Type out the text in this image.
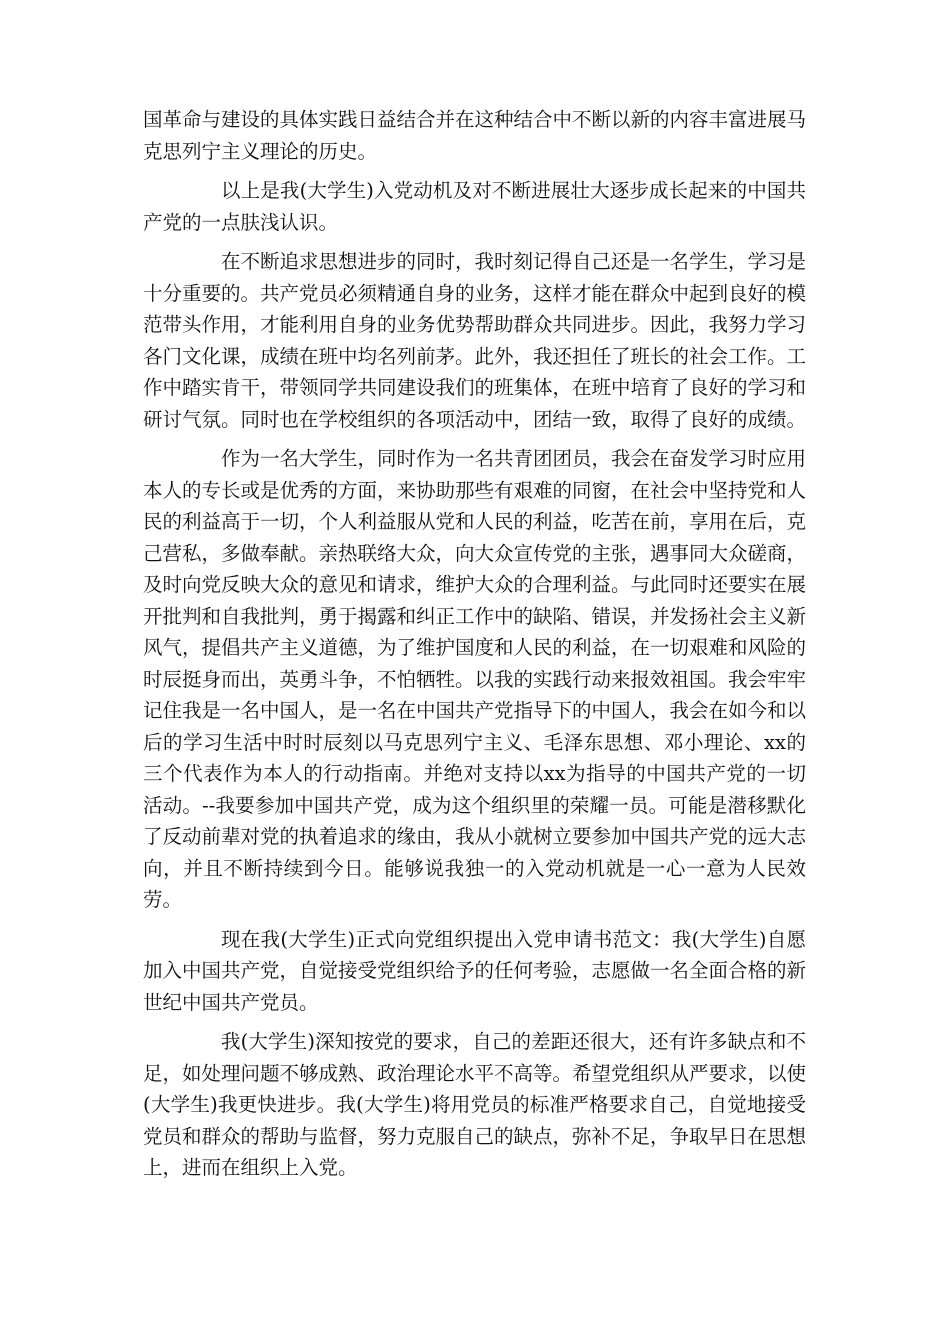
国革命与建设的具体实践日益结合并在这种结合中不断以新的内容丰富进展马克思列宁主义理论的历史。

以上是我(大学生)入党动机及对不断进展壮大逐步成长起来的中国共产党的一点肤浅认识。

在不断追求思想进步的同时，我时刻记得自己还是一名学生，学习是十分重要的。共产党员必须精通自身的业务，这样才能在群众中起到良好的模范带头作用，才能利用自身的业务优势帮助群众共同进步。因此，我努力学习各门文化课，成绩在班中均名列前茅。此外，我还担任了班长的社会工作。工作中踏实肯干，带领同学共同建设我们的班集体，在班中培育了良好的学习和研讨气氛。同时也在学校组织的各项活动中，团结一致，取得了良好的成绩。

作为一名大学生，同时作为一名共青团团员，我会在奋发学习时应用本人的专长或是优秀的方面，来协助那些有艰难的同窗，在社会中坚持党和人民的利益高于一切，个人利益服从党和人民的利益，吃苦在前，享用在后，克己营私，多做奉献。亲热联络大众，向大众宣传党的主张，遇事同大众磋商，及时向党反映大众的意见和请求，维护大众的合理利益。与此同时还要实在展开批判和自我批判，勇于揭露和纠正工作中的缺陷、错误，并发扬社会主义新风气，提倡共产主义道德，为了维护国度和人民的利益，在一切艰难和风险的时辰挺身而出，英勇斗争，不怕牺牲。以我的实践行动来报效祖国。我会牢牢记住我是一名中国人，是一名在中国共产党指导下的中国人，我会在如今和以后的学习生活中时时辰刻以马克思列宁主义、毛泽东思想、邓小理论、xx的三个代表作为本人的行动指南。并绝对支持以xx为指导的中国共产党的一切活动。--我要参加中国共产党，成为这个组织里的荣耀一员。可能是潜移默化了反动前辈对党的执着追求的缘由，我从小就树立要参加中国共产党的远大志向，并且不断持续到今日。能够说我独一的入党动机就是一心一意为人民效劳。

现在我(大学生)正式向党组织提出入党申请书范文：我(大学生)自愿加入中国共产党，自觉接受党组织给予的任何考验，志愿做一名全面合格的新世纪中国共产党员。

我(大学生)深知按党的要求，自己的差距还很大，还有许多缺点和不足，如处理问题不够成熟、政治理论水平不高等。希望党组织从严要求，以使(大学生)我更快进步。我(大学生)将用党员的标准严格要求自己，自觉地接受党员和群众的帮助与监督，努力克服自己的缺点，弥补不足，争取早日在思想上，进而在组织上入党。
